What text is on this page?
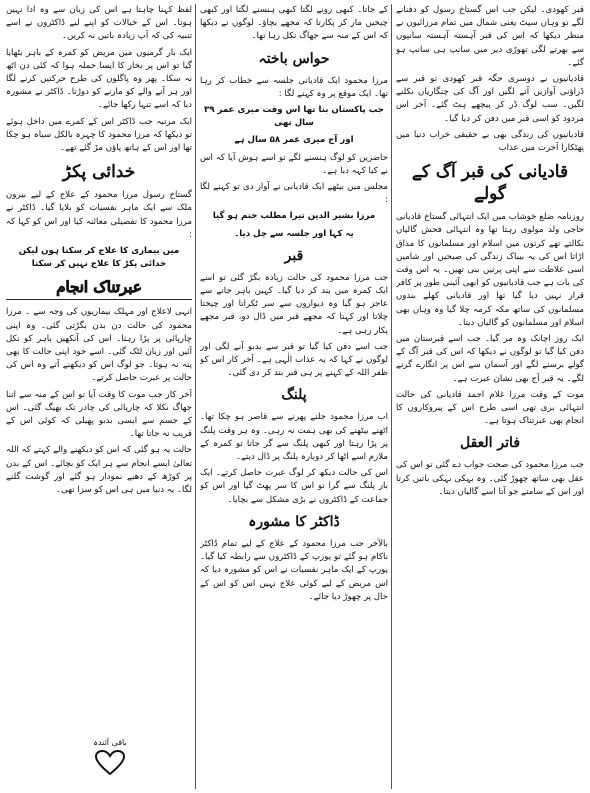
قبر کھودی۔ لیکن جب اس گستاخ رسول کو دفنانے لگے تو وہاں سیٹ یعنی شمال میں تمام مرزائیوں نے منظر دیکھا کہ اس کی قبر آہستہ آہستہ سانپوں سے بھرتے لگی تھوڑی دیر میں سانپ ہی سانپ ہو گئے۔

قادیانیوں نے دوسری جگہ قبر کھودی تو قبر سے ڈراؤنی آوازیں آنے لگیں اور آگ کی چنگاریاں نکلنے لگیں۔ سب لوگ ڈر کر پیچھے ہٹ گئے۔ آخر اس مردود کو اسی قبر میں دفن کر دیا گیا۔

قادیانیوں کی زندگی بھی بے حقیقی خراب دنیا میں پھٹکارا آخرت میں عذاب

قادیانی کی قبر آگ کے گولے

روزنامہ ضلع خوشاب میں ایک انتہائی گستاخ قادیانی حاجی ولد مولوی رہتا تھا وہ انتہائی فحش گالیاں نکالتے تھے کرتوں میں اسلام اور مسلمانوں کا مذاق اڑاتا اس کی یہ بیباک زندگی کی صبحیں اور شامیں اسی غلاظت سے اپنی پرتیں بنی تھیں۔ یہ اس وقت کی بات ہے جب قادیانیوں کو ابھی آئینی طور پر کافر قرار نہیں دیا گیا تھا اور قادیانی کھلے بندوں مسلمانوں کی ساتھ مکہ کرمہ چلا گیا وہ وہاں بھی اسلام اور مسلمانوں کو گالیاں دیتا۔

ایک روز اچانک وہ مر گیا۔ جب اسے قبرستان میں دفن کیا گیا تو لوگوں نے دیکھا کہ اس کی قبر آگ کے گولے برسنے لگے اور آسمان سے اس پر انگارے گرنے لگے۔ یہ قبر آج بھی نشان عبرت ہے۔

موت کے وقت مرزا غلام احمد قادیانی کی حالت انتہائی بری تھی اسی طرح اس کے پیروکاروں کا انجام بھی عبرتناک ہوتا ہے۔

فاتر العقل

جب مرزا محمود کی صحت جواب دے گئی تو اس کی عقل بھی ساتھ چھوڑ گئی۔ وہ بہکی بہکی باتیں کرتا اور اس کے سامنے جو آتا اسے گالیاں دیتا۔

کے جاتا۔ کبھی رونے لگتا کبھی ہنسنے لگتا اور کبھی چیخیں مار کر پکارتا کہ مجھے بچاؤ۔ لوگوں نے دیکھا کہ اس کے منہ سے جھاگ نکل رہا تھا۔

حواس باختہ

مرزا محمود ایک قادیانی جلسہ سے خطاب کر رہا تھا۔ ایک موقع پر وہ کہنے لگا :

جب پاکستان بنا تھا اس وقت میری عمر ۳۹ سال تھی

اور آج میری عمر ۵۸ سال ہے

حاضرین کو لوگ ہنسنے لگے تو اسے ہوش آیا کہ اس نے کیا کہہ دیا ہے۔

مجلس میں بیٹھے ایک قادیانی نے آواز دی تو کہنے لگا :

مرزا بشیر الدین تیرا مطلب ختم ہو گیا

یہ کہا اور جلسہ سے چل دیا۔

قبر

جب مرزا محمود کی حالت زیادہ بگڑ گئی تو اسے ایک کمرہ میں بند کر دیا گیا۔ کہیں باہر جانے سے عاجز ہو گیا وہ دیواروں سے سر ٹکراتا اور چیختا چلاتا اور کہتا کہ مجھے قبر میں ڈال دو، قبر مجھے پکار رہی ہے۔

جب اسے دفن کیا گیا تو قبر سے بدبو آنے لگی اور لوگوں نے کہا کہ یہ عذاب الٰہی ہے۔ آخر کار اس کو ظفر اللہ کے کہنے پر ہی قبر بند کر دی گئی۔

پلنگ

اب مرزا محمود جلنے پھرنے سے قاصر ہو چکا تھا۔ اٹھنے بیٹھنے کی بھی ہمت نہ رہی۔ وہ ہر وقت پلنگ پر پڑا رہتا اور کبھی پلنگ سے گر جاتا تو کمرہ کے ملازم اسے اٹھا کر دوبارہ پلنگ پر ڈال دیتے۔

اس کی حالت دیکھ کر لوگ عبرت حاصل کرتے۔ ایک بار پلنگ سے گرا تو اس کا سر پھٹ گیا اور اس کو جماعت کے ڈاکٹروں نے بڑی مشکل سے بچایا۔

ڈاکٹر کا مشورہ

بالآخر جب مرزا محمود کے علاج کے لیے تمام ڈاکٹر ناکام ہو گئے تو یورپ کے ڈاکٹروں سے رابطہ کیا گیا۔ یورپ کے ایک ماہر نفسیات نے اس کو مشورہ دیا کہ اس مریض کے لیے کوئی علاج نہیں اس کو اس کے حال پر چھوڑ دیا جائے۔

لفظ کہنا چاہتا ہے اس کی زبان سے وہ ادا نہیں ہوتا۔ اس کے خیالات کو اپنے لیے ڈاکٹروں نے اسے تنبیہ کی کہ آپ زیادہ باتیں نہ کریں۔

ایک بار گرمیوں میں مریض کو کمرہ کے باہر بٹھایا گیا تو اس پر بخار کا ایسا حملہ ہوا کہ کئی دن اٹھ نہ سکا۔ پھر وہ پاگلوں کی طرح حرکتیں کرنے لگا اور ہر آنے والے کو مارنے کو دوڑتا۔ ڈاکٹر نے مشورہ دیا کہ اسے تنہا رکھا جائے۔

ایک مرتبہ جب ڈاکٹر اس کے کمرے میں داخل ہوئے تو دیکھا کہ مرزا محمود کا چہرہ بالکل سیاہ ہو چکا تھا اور اس کے ہاتھ پاؤں مڑ گئے تھے۔

خدائی پکڑ

گستاخ رسول مرزا محمود کے علاج کے لیے بیرون ملک سے ایک ماہر نفسیات کو بلایا گیا۔ ڈاکٹر نے مرزا محمود کا تفصیلی معائنہ کیا اور اس کو کہا کہ :

میں بیماری کا علاج کر سکتا ہوں لیکن خدائی پکڑ کا علاج نہیں کر سکتا

عبرتناک انجام

انہی لاعلاج اور مہلک بیماریوں کی وجہ سے ۔ مرزا محمود کی حالت دن بدن بگڑتی گئی۔ وہ اپنی چارپائی پر پڑا رہتا۔ اس کی آنکھیں باہر کو نکل آئیں اور زبان لٹک گئی۔ اسے خود اپنی حالت کا بھی پتہ نہ ہوتا۔ جو لوگ اس کو دیکھنے آتے وہ اس کی حالت پر عبرت حاصل کرتے۔

آخر کار جب موت کا وقت آیا تو اس کے منہ سے اتنا جھاگ نکلا کہ چارپائی کی چادر تک بھیگ گئی۔ اس کے جسم سے ایسی بدبو پھیلی کہ کوئی اس کے قریب نہ جاتا تھا۔

حالت یہ ہو گئی کہ اس کو دیکھنے والے کہتے کہ اللہ تعالیٰ ایسے انجام سے ہر ایک کو بچائے۔ اس کے بدن پر کوڑھ کے دھبے نمودار ہو گئے اور گوشت گلنے لگا۔ یہ دنیا میں ہی اس کو سزا تھی۔

باقی آئندہ
